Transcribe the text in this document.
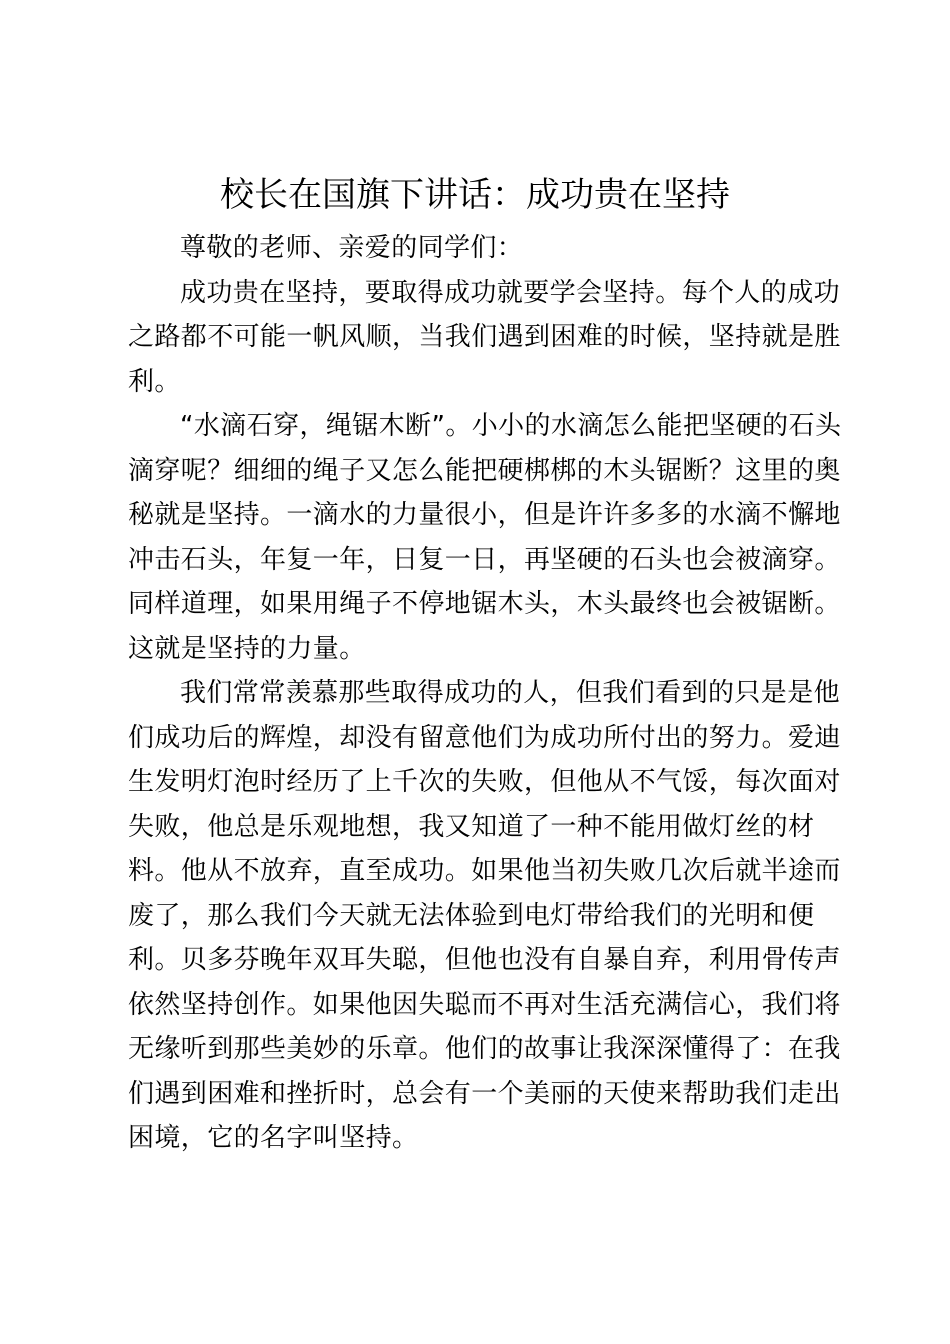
校长在国旗下讲话：成功贵在坚持

尊敬的老师、亲爱的同学们：

成功贵在坚持，要取得成功就要学会坚持。每个人的成功之路都不可能一帆风顺，当我们遇到困难的时候，坚持就是胜利。

“水滴石穿，绳锯木断”。小小的水滴怎么能把坚硬的石头滴穿呢？细细的绳子又怎么能把硬梆梆的木头锯断？这里的奥秘就是坚持。一滴水的力量很小，但是许许多多的水滴不懈地冲击石头，年复一年，日复一日，再坚硬的石头也会被滴穿。同样道理，如果用绳子不停地锯木头，木头最终也会被锯断。这就是坚持的力量。

我们常常羡慕那些取得成功的人，但我们看到的只是是他们成功后的辉煌，却没有留意他们为成功所付出的努力。爱迪生发明灯泡时经历了上千次的失败，但他从不气馁，每次面对失败，他总是乐观地想，我又知道了一种不能用做灯丝的材料。他从不放弃，直至成功。如果他当初失败几次后就半途而废了，那么我们今天就无法体验到电灯带给我们的光明和便利。贝多芬晚年双耳失聪，但他也没有自暴自弃，利用骨传声依然坚持创作。如果他因失聪而不再对生活充满信心，我们将无缘听到那些美妙的乐章。他们的故事让我深深懂得了：在我们遇到困难和挫折时，总会有一个美丽的天使来帮助我们走出困境，它的名字叫坚持。
